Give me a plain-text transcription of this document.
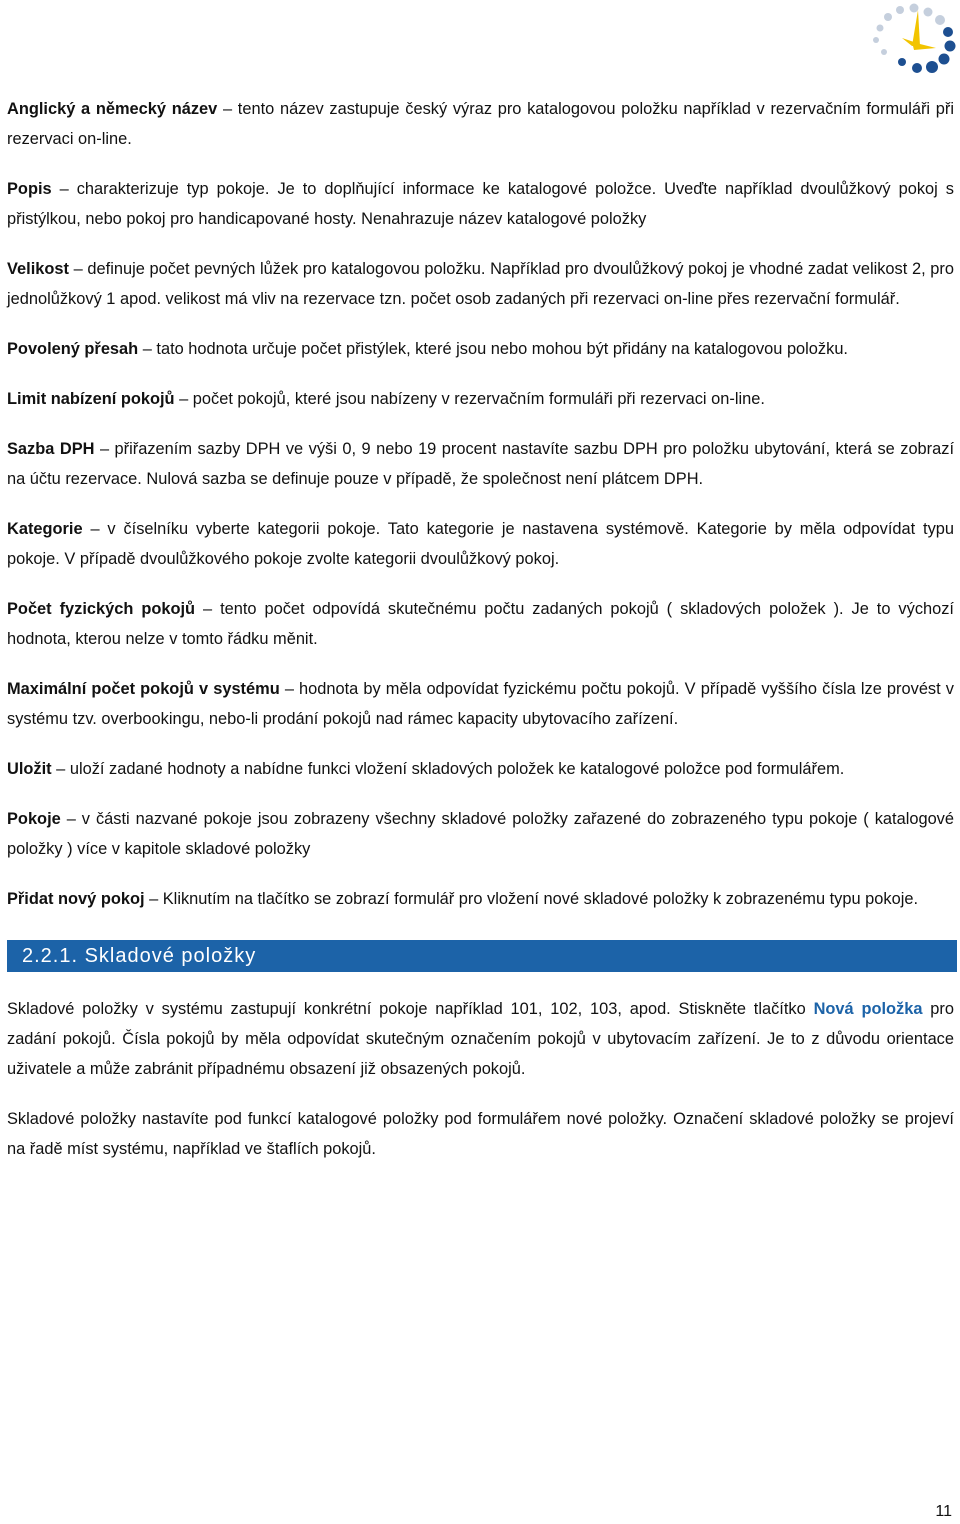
Anglický a německý název – tento název zastupuje český výraz pro katalogovou položku například v rezervačním formuláři při rezervaci on-line.

Popis – charakterizuje typ pokoje. Je to doplňující informace ke katalogové položce. Uveďte například dvoulůžkový pokoj s přistýlkou, nebo pokoj pro handicapované hosty. Nenahrazuje název katalogové položky

Velikost – definuje počet pevných lůžek pro katalogovou položku. Například pro dvoulůžkový pokoj je vhodné zadat velikost 2, pro jednolůžkový 1 apod. velikost má vliv na rezervace tzn. počet osob zadaných při rezervaci on-line přes rezervační formulář.

Povolený přesah – tato hodnota určuje počet přistýlek, které jsou nebo mohou být přidány na katalogovou položku.

Limit nabízení pokojů – počet pokojů, které jsou nabízeny v rezervačním formuláři při rezervaci on-line.

Sazba DPH – přiřazením sazby DPH ve výši 0, 9 nebo 19 procent nastavíte sazbu DPH pro položku ubytování, která se zobrazí na účtu rezervace. Nulová sazba se definuje pouze v případě, že společnost není plátcem DPH.

Kategorie – v číselníku vyberte kategorii pokoje. Tato kategorie je nastavena systémově. Kategorie by měla odpovídat typu pokoje. V případě dvoulůžkového pokoje zvolte kategorii dvoulůžkový pokoj.

Počet fyzických pokojů – tento počet odpovídá skutečnému počtu zadaných pokojů ( skladových položek ). Je to výchozí hodnota, kterou nelze v tomto řádku měnit.

Maximální počet pokojů v systému – hodnota by měla odpovídat fyzickému počtu pokojů. V případě vyššího čísla lze provést v systému tzv. overbookingu, nebo-li prodání pokojů nad rámec kapacity ubytovacího zařízení.

Uložit – uloží zadané hodnoty a nabídne funkci vložení skladových položek ke katalogové položce pod formulářem.

Pokoje – v části nazvané pokoje jsou zobrazeny všechny skladové položky zařazené do zobrazeného typu pokoje ( katalogové položky ) více v kapitole skladové položky

Přidat nový pokoj – Kliknutím na tlačítko se zobrazí formulář pro vložení nové skladové položky k zobrazenému typu pokoje.

2.2.1. Skladové položky

Skladové položky v systému zastupují konkrétní pokoje například 101, 102, 103, apod. Stiskněte tlačítko Nová položka pro zadání pokojů. Čísla pokojů by měla odpovídat skutečným označením pokojů v ubytovacím zařízení. Je to z důvodu orientace uživatele a může zabránit případnému obsazení již obsazených pokojů.

Skladové položky nastavíte pod funkcí katalogové položky pod formulářem nové položky. Označení skladové položky se projeví na řadě míst systému, například ve štaflích pokojů.

11
